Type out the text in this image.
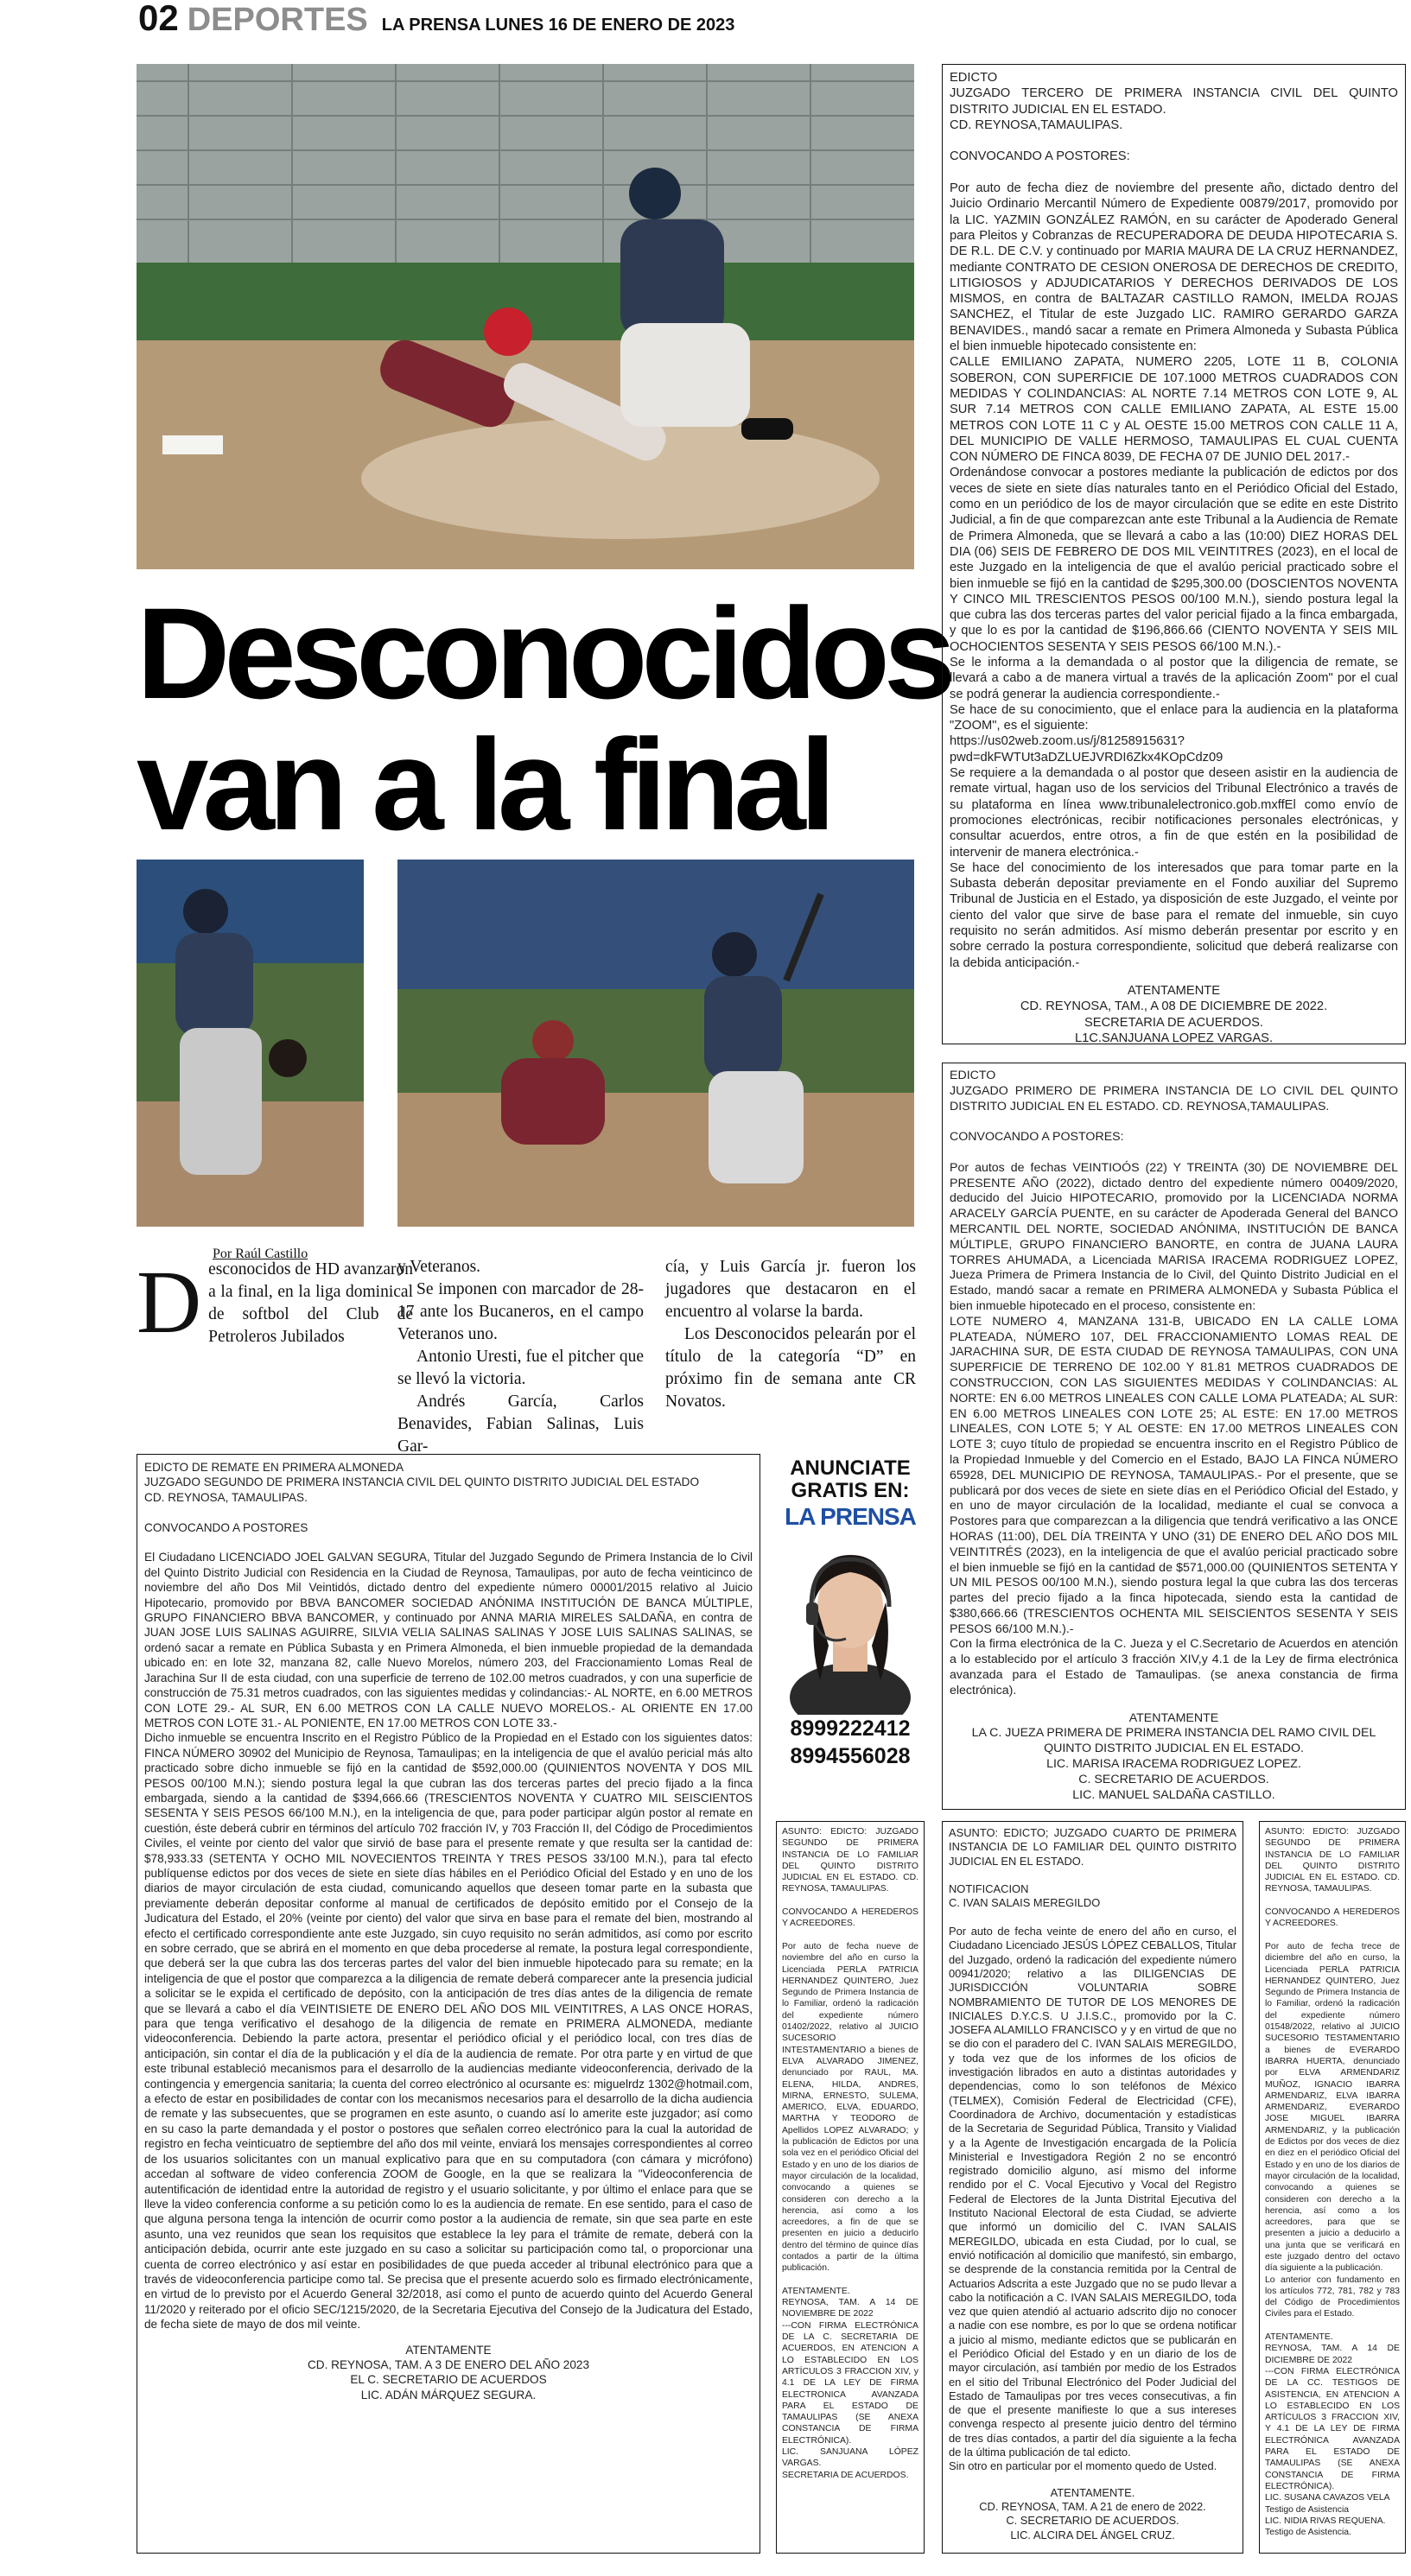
02 DEPORTES LA PRENSA LUNES 16 DE ENERO DE 2023
Desconocidos
van a la final
Por Raúl Castillo
Desconocidos de HD avanzaron a la final, en la liga dominical de softbol del Club de Petroleros Jubilados

y Veteranos.

Se imponen con marcador de 28-17 ante los Bucaneros, en el campo Veteranos uno.

Antonio Uresti, fue el pitcher que se llevó la victoria.

Andrés García, Carlos Benavides, Fabian Salinas, Luis Gar-

cía, y Luis García jr. fueron los jugadores que destacaron en el encuentro al volarse la barda.

Los Desconocidos pelearán por el título de la categoría “D” en próximo fin de semana ante CR Novatos.

EDICTO
JUZGADO TERCERO DE PRIMERA INSTANCIA CIVIL DEL QUINTO DISTRITO JUDICIAL EN EL ESTADO.
CD. REYNOSA,TAMAULIPAS.

CONVOCANDO A POSTORES:

Por auto de fecha diez de noviembre del presente año, dictado dentro del Juicio Ordinario Mercantil Número de Expediente 00879/2017, promovido por la LIC. YAZMIN GONZÁLEZ RAMÓN, en su carácter de Apoderado General para Pleitos y Cobranzas de RECUPERADORA DE DEUDA HIPOTECARIA S. DE R.L. DE C.V. y continuado por MARIA MAURA DE LA CRUZ HERNANDEZ, mediante CONTRATO DE CESION ONEROSA DE DERECHOS DE CREDITO, LITIGIOSOS y ADJUDICATARIOS Y DERECHOS DERIVADOS DE LOS MISMOS, en contra de BALTAZAR CASTILLO RAMON, IMELDA ROJAS SANCHEZ, el Titular de este Juzgado LIC. RAMIRO GERARDO GARZA BENAVIDES., mandó sacar a remate en Primera Almoneda y Subasta Pública el bien inmueble hipotecado consistente en:
CALLE EMILIANO ZAPATA, NUMERO 2205, LOTE 11 B, COLONIA SOBERON, CON SUPERFICIE DE 107.1000 METROS CUADRADOS CON MEDIDAS Y COLINDANCIAS: AL NORTE 7.14 METROS CON LOTE 9, AL SUR 7.14 METROS CON CALLE EMILIANO ZAPATA, AL ESTE 15.00 METROS CON LOTE 11 C y AL OESTE 15.00 METROS CON CALLE 11 A, DEL MUNICIPIO DE VALLE HERMOSO, TAMAULIPAS EL CUAL CUENTA CON NÚMERO DE FINCA 8039, DE FECHA 07 DE JUNIO DEL 2017.-
Ordenándose convocar a postores mediante la publicación de edictos por dos veces de siete en siete días naturales tanto en el Periódico Oficial del Estado, como en un periódico de los de mayor circulación que se edite en este Distrito Judicial, a fin de que comparezcan ante este Tribunal a la Audiencia de Remate de Primera Almoneda, que se llevará a cabo a las (10:00) DIEZ HORAS DEL DIA (06) SEIS DE FEBRERO DE DOS MIL VEINTITRES (2023), en el local de este Juzgado en la inteligencia de que el avalúo pericial practicado sobre el bien inmueble se fijó en la cantidad de $295,300.00 (DOSCIENTOS NOVENTA Y CINCO MIL TRESCIENTOS PESOS 00/100 M.N.), siendo postura legal la que cubra las dos terceras partes del valor pericial fijado a la finca embargada, y que lo es por la cantidad de $196,866.66 (CIENTO NOVENTA Y SEIS MIL OCHOCIENTOS SESENTA Y SEIS PESOS 66/100 M.N.).-
Se le informa a la demandada o al postor que la diligencia de remate, se llevará a cabo a de manera virtual a través de la aplicación Zoom" por el cual se podrá generar la audiencia correspondiente.-
Se hace de su conocimiento, que el enlace para la audiencia en la plataforma "ZOOM", es el siguiente:
https://us02web.zoom.us/j/81258915631?pwd=dkFWTUt3aDZLUEJVRDI6Zkx4KOpCdz09
Se requiere a la demandada o al postor que deseen asistir en la audiencia de remate virtual, hagan uso de los servicios del Tribunal Electrónico a través de su plataforma en línea www.tribunalelectronico.gob.mxffEl como envío de promociones electrónicas, recibir notificaciones personales electrónicas, y consultar acuerdos, entre otros, a fin de que estén en la posibilidad de intervenir de manera electrónica.-
Se hace del conocimiento de los interesados que para tomar parte en la Subasta deberán depositar previamente en el Fondo auxiliar del Supremo Tribunal de Justicia en el Estado, ya disposición de este Juzgado, el veinte por ciento del valor que sirve de base para el remate del inmueble, sin cuyo requisito no serán admitidos. Así mismo deberán presentar por escrito y en sobre cerrado la postura correspondiente, solicitud que deberá realizarse con la debida anticipación.-
ATENTAMENTE
CD. REYNOSA, TAM., A 08 DE DICIEMBRE DE 2022.
SECRETARIA DE ACUERDOS.
L1C.SANJUANA LOPEZ VARGAS.
EDICTO
JUZGADO PRIMERO DE PRIMERA INSTANCIA DE LO CIVIL DEL QUINTO DISTRITO JUDICIAL EN EL ESTADO. CD. REYNOSA,TAMAULIPAS.

CONVOCANDO A POSTORES:

Por autos de fechas VEINTIOÓS (22) Y TREINTA (30) DE NOVIEMBRE DEL PRESENTE AÑO (2022), dictado dentro del expediente número 00409/2020, deducido del Juicio HIPOTECARIO, promovido por la LICENCIADA NORMA ARACELY GARCÍA PUENTE, en su carácter de Apoderada General del BANCO MERCANTIL DEL NORTE, SOCIEDAD ANÓNIMA, INSTITUCIÓN DE BANCA MÚLTIPLE, GRUPO FINANCIERO BANORTE, en contra de JUANA LAURA TORRES AHUMADA, a Licenciada MARISA IRACEMA RODRIGUEZ LOPEZ, Jueza Primera de Primera Instancia de lo Civil, del Quinto Distrito Judicial en el Estado, mandó sacar a remate en PRIMERA ALMONEDA y Subasta Pública el bien inmueble hipotecado en el proceso, consistente en:
LOTE NUMERO 4, MANZANA 131-B, UBICADO EN LA CALLE LOMA PLATEADA, NÚMERO 107, DEL FRACCIONAMIENTO LOMAS REAL DE JARACHINA SUR, DE ESTA CIUDAD DE REYNOSA TAMAULIPAS, CON UNA SUPERFICIE DE TERRENO DE 102.00 Y 81.81 METROS CUADRADOS DE CONSTRUCCION, CON LAS SIGUIENTES MEDIDAS Y COLINDANCIAS: AL NORTE: EN 6.00 METROS LINEALES CON CALLE LOMA PLATEADA; AL SUR: EN 6.00 METROS LINEALES CON LOTE 25; AL ESTE: EN 17.00 METROS LINEALES, CON LOTE 5; Y AL OESTE: EN 17.00 METROS LINEALES CON LOTE 3; cuyo título de propiedad se encuentra inscrito en el Registro Público de la Propiedad Inmueble y del Comercio en el Estado, BAJO LA FINCA NÚMERO 65928, DEL MUNICIPIO DE REYNOSA, TAMAULIPAS.- Por el presente, que se publicará por dos veces de siete en siete días en el Periódico Oficial del Estado, y en uno de mayor circulación de la localidad, mediante el cual se convoca a Postores para que comparezcan a la diligencia que tendrá verificativo a las ONCE HORAS (11:00), DEL DÍA TREINTA Y UNO (31) DE ENERO DEL AÑO DOS MIL VEINTITRÉS (2023), en la inteligencia de que el avalúo pericial practicado sobre el bien inmueble se fijó en la cantidad de $571,000.00 (QUINIENTOS SETENTA Y UN MIL PESOS 00/100 M.N.), siendo postura legal la que cubra las dos terceras partes del precio fijado a la finca hipotecada, siendo esta la cantidad de $380,666.66 (TRESCIENTOS OCHENTA MIL SEISCIENTOS SESENTA Y SEIS PESOS 66/100 M.N.).-
Con la firma electrónica de la C. Jueza y el C.Secretario de Acuerdos en atención a lo establecido por el artículo 3 fracción XIV,y 4.1 de la Ley de firma electrónica avanzada para el Estado de Tamaulipas. (se anexa constancia de firma electrónica).
ATENTAMENTE
LA C. JUEZA PRIMERA DE PRIMERA INSTANCIA DEL RAMO CIVIL DEL QUINTO DISTRITO JUDICIAL EN EL ESTADO.
LIC. MARISA IRACEMA RODRIGUEZ LOPEZ.
C. SECRETARIO DE ACUERDOS.
LIC. MANUEL SALDAÑA CASTILLO.
EDICTO DE REMATE EN PRIMERA ALMONEDA
JUZGADO SEGUNDO DE PRIMERA INSTANCIA CIVIL DEL QUINTO DISTRITO JUDICIAL DEL ESTADO
CD. REYNOSA, TAMAULIPAS.

CONVOCANDO A POSTORES

El Ciudadano LICENCIADO JOEL GALVAN SEGURA, Titular del Juzgado Segundo de Primera Instancia de lo Civil del Quinto Distrito Judicial con Residencia en la Ciudad de Reynosa, Tamaulipas, por auto de fecha veinticinco de noviembre del año Dos Mil Veintidós, dictado dentro del expediente número 00001/2015 relativo al Juicio Hipotecario, promovido por BBVA BANCOMER SOCIEDAD ANÓNIMA INSTITUCIÓN DE BANCA MÚLTIPLE, GRUPO FINANCIERO BBVA BANCOMER, y continuado por ANNA MARIA MIRELES SALDAÑA, en contra de JUAN JOSE LUIS SALINAS AGUIRRE, SILVIA VELIA SALINAS SALINAS Y JOSE LUIS SALINAS SALINAS, se ordenó sacar a remate en Pública Subasta y en Primera Almoneda, el bien inmueble propiedad de la demandada ubicado en: en lote 32, manzana 82, calle Nuevo Morelos, número 203, del Fraccionamiento Lomas Real de Jarachina Sur II de esta ciudad, con una superficie de terreno de 102.00 metros cuadrados, y con una superficie de construcción de 75.31 metros cuadrados, con las siguientes medidas y colindancias:- AL NORTE, en 6.00 METROS CON LOTE 29.- AL SUR, EN 6.00 METROS CON LA CALLE NUEVO MORELOS.- AL ORIENTE EN 17.00 METROS CON LOTE 31.- AL PONIENTE, EN 17.00 METROS CON LOTE 33.-
Dicho inmueble se encuentra Inscrito en el Registro Público de la Propiedad en el Estado con los siguientes datos: FINCA NÚMERO 30902 del Municipio de Reynosa, Tamaulipas; en la inteligencia de que el avalúo pericial más alto practicado sobre dicho inmueble se fijó en la cantidad de $592,000.00 (QUINIENTOS NOVENTA Y DOS MIL PESOS 00/100 M.N.); siendo postura legal la que cubran las dos terceras partes del precio fijado a la finca embargada, siendo a la cantidad de $394,666.66 (TRESCIENTOS NOVENTA Y CUATRO MIL SEISCIENTOS SESENTA Y SEIS PESOS 66/100 M.N.), en la inteligencia de que, para poder participar algún postor al remate en cuestión, éste deberá cubrir en términos del artículo 702 fracción IV, y 703 Fracción II, del Código de Procedimientos Civiles, el veinte por ciento del valor que sirvió de base para el presente remate y que resulta ser la cantidad de: $78,933.33 (SETENTA Y OCHO MIL NOVECIENTOS TREINTA Y TRES PESOS 33/100 M.N.), para tal efecto publíquense edictos por dos veces de siete en siete días hábiles en el Periódico Oficial del Estado y en uno de los diarios de mayor circulación de esta ciudad, comunicando aquellos que deseen tomar parte en la subasta que previamente deberán depositar conforme al manual de certificados de depósito emitido por el Consejo de la Judicatura del Estado, el 20% (veinte por ciento) del valor que sirva en base para el remate del bien, mostrando al efecto el certificado correspondiente ante este Juzgado, sin cuyo requisito no serán admitidos, así como por escrito en sobre cerrado, que se abrirá en el momento en que deba procederse al remate, la postura legal correspondiente, que deberá ser la que cubra las dos terceras partes del valor del bien inmueble hipotecado para su remate; en la inteligencia de que el postor que comparezca a la diligencia de remate deberá comparecer ante la presencia judicial a solicitar se le expida el certificado de depósito, con la anticipación de tres días antes de la diligencia de remate que se llevará a cabo el día VEINTISIETE DE ENERO DEL AÑO DOS MIL VEINTITRES, A LAS ONCE HORAS, para que tenga verificativo el desahogo de la diligencia de remate en PRIMERA ALMONEDA, mediante videoconferencia. Debiendo la parte actora, presentar el periódico oficial y el periódico local, con tres días de anticipación, sin contar el día de la publicación y el día de la audiencia de remate. Por otra parte y en virtud de que este tribunal estableció mecanismos para el desarrollo de la audiencias mediante videoconferencia, derivado de la contingencia y emergencia sanitaria; la cuenta del correo electrónico al ocursante es: miguelrdz 1302@hotmail.com, a efecto de estar en posibilidades de contar con los mecanismos necesarios para el desarrollo de la dicha audiencia de remate y las subsecuentes, que se programen en este asunto, o cuando así lo amerite este juzgador; así como en su caso la parte demandada y el postor o postores que señalen correo electrónico para la cual la autoridad de registro en fecha veinticuatro de septiembre del año dos mil veinte, enviará los mensajes correspondientes al correo de los usuarios solicitantes con un manual explicativo para que en su computadora (con cámara y micrófono) accedan al software de video conferencia ZOOM de Google, en la que se realizara la "Videoconferencia de autentificación de identidad entre la autoridad de registro y el usuario solicitante, y por último el enlace para que se lleve la video conferencia conforme a su petición como lo es la audiencia de remate. En ese sentido, para el caso de que alguna persona tenga la intención de ocurrir como postor a la audiencia de remate, sin que sea parte en este asunto, una vez reunidos que sean los requisitos que establece la ley para el trámite de remate, deberá con la anticipación debida, ocurrir ante este juzgado en su caso a solicitar su participación como tal, o proporcionar una cuenta de correo electrónico y así estar en posibilidades de que pueda acceder al tribunal electrónico para que a través de videoconferencia participe como tal. Se precisa que el presente acuerdo solo es firmado electrónicamente, en virtud de lo previsto por el Acuerdo General 32/2018, así como el punto de acuerdo quinto del Acuerdo General 11/2020 y reiterado por el oficio SEC/1215/2020, de la Secretaria Ejecutiva del Consejo de la Judicatura del Estado, de fecha siete de mayo de dos mil veinte.
ATENTAMENTE
CD. REYNOSA, TAM. A 3 DE ENERO DEL AÑO 2023
EL C. SECRETARIO DE ACUERDOS
LIC. ADÁN MÁRQUEZ SEGURA.
ANUNCIATE GRATIS EN:
LA PRENSA
8999222412
8994556028
ASUNTO: EDICTO: JUZGADO SEGUNDO DE PRIMERA INSTANCIA DE LO FAMILIAR DEL QUINTO DISTRITO JUDICIAL EN EL ESTADO. CD. REYNOSA, TAMAULIPAS.

CONVOCANDO A HEREDEROS Y ACREEDORES.

Por auto de fecha nueve de noviembre del año en curso la Licenciada PERLA PATRICIA HERNANDEZ QUINTERO, Juez Segundo de Primera Instancia de lo Familiar, ordenó la radicación del expediente número 01402/2022, relativo al JUICIO SUCESORIO INTESTAMENTARIO a bienes de ELVA ALVARADO JIMENEZ, denunciado por RAUL, MA. ELENA, HILDA, ANDRES, MIRNA, ERNESTO, SULEMA, AMERICO, ELVA, EDUARDO, MARTHA Y TEODORO de Apellidos LOPEZ ALVARADO; y la publicación de Edictos por una sola vez en el periódico Oficial del Estado y en uno de los diarios de mayor circulación de la localidad, convocando a quienes se consideren con derecho a la herencia, así como a los acreedores, a fin de que se presenten en juicio a deducirlo dentro del término de quince días contados a partir de la última publicación.

ATENTAMENTE.
REYNOSA, TAM. A 14 DE NOVIEMBRE DE 2022
---CON FIRMA ELECTRÓNICA DE LA C. SECRETARIA DE ACUERDOS, EN ATENCION A LO ESTABLECIDO EN LOS ARTÍCULOS 3 FRACCION XIV, y 4.1 DE LA LEY DE FIRMA ELECTRONICA AVANZADA PARA EL ESTADO DE TAMAULIPAS (SE ANEXA CONSTANCIA DE FIRMA ELECTRÓNICA).
LIC. SANJUANA LÓPEZ VARGAS.
SECRETARIA DE ACUERDOS.
ASUNTO: EDICTO; JUZGADO CUARTO DE PRIMERA INSTANCIA DE LO FAMILIAR DEL QUINTO DISTRITO JUDICIAL EN EL ESTADO.

NOTIFICACION
C. IVAN SALAIS MEREGILDO

Por auto de fecha veinte de enero del año en curso, el Ciudadano Licenciado JESÚS LÓPEZ CEBALLOS, Titular del Juzgado, ordenó la radicación del expediente número 00941/2020; relativo a las DILIGENCIAS DE JURISDICCIÓN VOLUNTARIA SOBRE NOMBRAMIENTO DE TUTOR DE LOS MENORES DE INICIALES D.Y.C.S. U J.I.S.C., promovido por la C. JOSEFA ALAMILLO FRANCISCO y y en virtud de que no se dio con el paradero del C. IVAN SALAIS MEREGILDO, y toda vez que de los informes de los oficios de investigación librados en auto a distintas autoridades y dependencias, como lo son teléfonos de México (TELMEX), Comisión Federal de Electricidad (CFE), Coordinadora de Archivo, documentación y estadísticas de la Secretaria de Seguridad Pública, Transito y Vialidad y a la Agente de Investigación encargada de la Policía Ministerial e Investigadora Región 2 no se encontró registrado domicilio alguno, así mismo del informe rendido por el C. Vocal Ejecutivo y Vocal del Registro Federal de Electores de la Junta Distrital Ejecutiva del Instituto Nacional Electoral de esta Ciudad, se advierte que informó un domicilio del C. IVAN SALAIS MEREGILDO, ubicada en esta Ciudad, por lo cual, se envió notificación al domicilio que manifestó, sin embargo, se desprende de la constancia remitida por la Central de Actuarios Adscrita a este Juzgado que no se pudo llevar a cabo la notificación a C. IVAN SALAIS MEREGILDO, toda vez que quien atendió al actuario adscrito dijo no conocer a nadie con ese nombre, es por lo que se ordena notificar a juicio al mismo, mediante edictos que se publicarán en el Periódico Oficial del Estado y en un diario de los de mayor circulación, así también por medio de los Estrados en el sitio del Tribunal Electrónico del Poder Judicial del Estado de Tamaulipas por tres veces consecutivas, a fin de que el presente manifieste lo que a sus intereses convenga respecto al presente juicio dentro del término de tres días contados, a partir del día siguiente a la fecha de la última publicación de tal edicto.
Sin otro en particular por el momento quedo de Usted.
ATENTAMENTE.
CD. REYNOSA, TAM. A 21 de enero de 2022.
C. SECRETARIO DE ACUERDOS.
LIC. ALCIRA DEL ÁNGEL CRUZ.
ASUNTO: EDICTO: JUZGADO SEGUNDO DE PRIMERA INSTANCIA DE LO FAMILIAR DEL QUINTO DISTRITO JUDICIAL EN EL ESTADO. CD. REYNOSA, TAMAULIPAS.

CONVOCANDO A HEREDEROS Y ACREEDORES.

Por auto de fecha trece de diciembre del año en curso, la Licenciada PERLA PATRICIA HERNANDEZ QUINTERO, Juez Segundo de Primera Instancia de lo Familiar, ordenó la radicación del expediente número 01548/2022, relativo al JUICIO SUCESORIO TESTAMENTARIO a bienes de EVERARDO IBARRA HUERTA, denunciado por ELVA ARMENDARIZ MUÑOZ, IGNACIO IBARRA ARMENDARIZ, ELVA IBARRA ARMENDARIZ, EVERARDO JOSE MIGUEL IBARRA ARMENDARIZ, y la publicación de Edictos por dos veces de diez en diez en el periódico Oficial del Estado y en uno de los diarios de mayor circulación de la localidad, convocando a quienes se consideren con derecho a la herencia, así como a los acreedores, para que se presenten a juicio a deducirlo a una junta que se verificará en este juzgado dentro del octavo día siguiente a la publicación.
Lo anterior con fundamento en los artículos 772, 781, 782 y 783 del Código de Procedimientos Civiles para el Estado.

ATENTAMENTE.
REYNOSA, TAM. A 14 DE DICIEMBRE DE 2022
---CON FIRMA ELECTRÓNICA DE LA CC. TESTIGOS DE ASISTENCIA, EN ATENCION A LO ESTABLECIDO EN LOS ARTÍCULOS 3 FRACCION XIV, Y 4.1 DE LA LEY DE FIRMA ELECTRÓNICA AVANZADA PARA EL ESTADO DE TAMAULIPAS (SE ANEXA CONSTANCIA DE FIRMA ELECTRÓNICA).
LIC. SUSANA CAVAZOS VELA
Testigo de Asistencia
LIC. NIDIA RIVAS REQUENA.
Testigo de Asistencia.
